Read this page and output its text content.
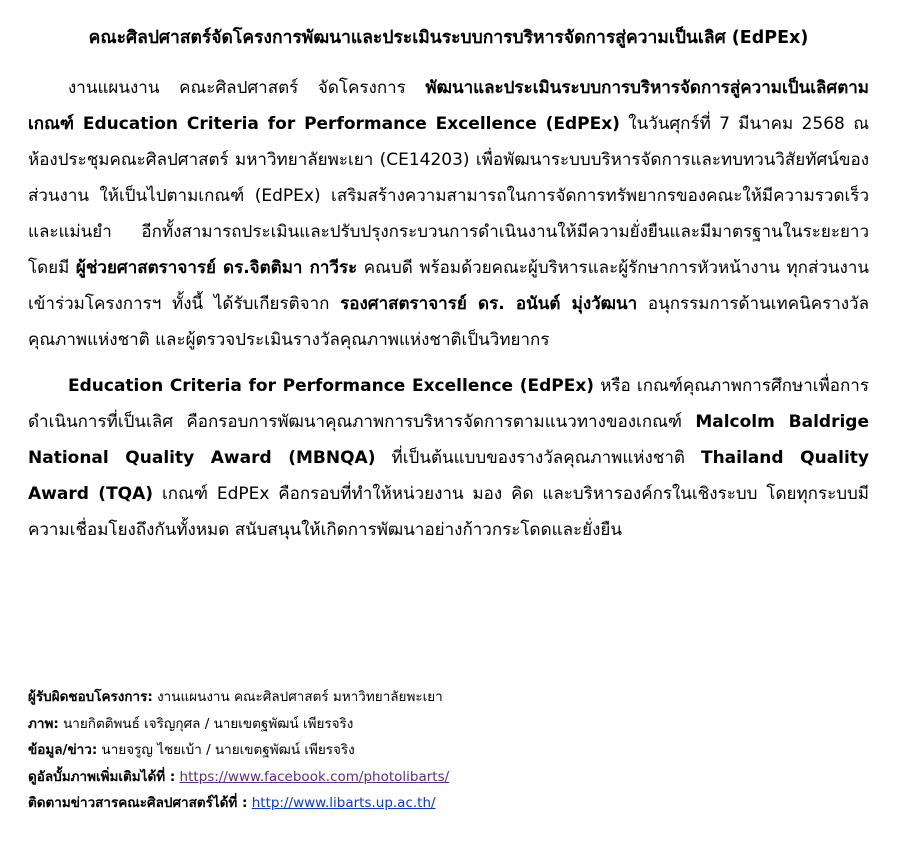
คณะศิลปศาสตร์จัดโครงการพัฒนาและประเมินระบบการบริหารจัดการสู่ความเป็นเลิศ (EdPEx)

งานแผนงาน คณะศิลปศาสตร์ จัดโครงการ พัฒนาและประเมินระบบการบริหารจัดการสู่ความเป็นเลิศตามเกณฑ์ Education Criteria for Performance Excellence (EdPEx) ในวันศุกร์ที่ 7 มีนาคม 2568 ณ ห้องประชุมคณะศิลปศาสตร์ มหาวิทยาลัยพะเยา (CE14203) เพื่อพัฒนาระบบบริหารจัดการและทบทวนวิสัยทัศน์ของส่วนงาน ให้เป็นไปตามเกณฑ์ (EdPEx) เสริมสร้างความสามารถในการจัดการทรัพยากรของคณะให้มีความรวดเร็วและแม่นยำ อีกทั้งสามารถประเมินและปรับปรุงกระบวนการดำเนินงานให้มีความยั่งยืนและมีมาตรฐานในระยะยาว โดยมี ผู้ช่วยศาสตราจารย์ ดร.จิตติมา กาวีระ คณบดี พร้อมด้วยคณะผู้บริหารและผู้รักษาการหัวหน้างาน ทุกส่วนงาน เข้าร่วมโครงการฯ ทั้งนี้ ได้รับเกียรติจาก รองศาสตราจารย์ ดร. อนันต์ มุ่งวัฒนา อนุกรรมการด้านเทคนิครางวัลคุณภาพแห่งชาติ และผู้ตรวจประเมินรางวัลคุณภาพแห่งชาติเป็นวิทยากร

Education Criteria for Performance Excellence (EdPEx) หรือ เกณฑ์คุณภาพการศึกษาเพื่อการดำเนินการที่เป็นเลิศ คือกรอบการพัฒนาคุณภาพการบริหารจัดการตามแนวทางของเกณฑ์ Malcolm Baldrige National Quality Award (MBNQA) ที่เป็นต้นแบบของรางวัลคุณภาพแห่งชาติ Thailand Quality Award (TQA) เกณฑ์ EdPEx คือกรอบที่ทำให้หน่วยงาน มอง คิด และบริหารองค์กรในเชิงระบบ โดยทุกระบบมีความเชื่อมโยงถึงกันทั้งหมด สนับสนุนให้เกิดการพัฒนาอย่างก้าวกระโดดและยั่งยืน

ผู้รับผิดชอบโครงการ: งานแผนงาน คณะศิลปศาสตร์ มหาวิทยาลัยพะเยา
ภาพ: นายกิตติพนธ์ เจริญกุศล / นายเขตฐพัฒน์ เพียรจริง
ข้อมูล/ข่าว: นายจรูญ ไชยเบ้า / นายเขตฐพัฒน์ เพียรจริง
ดูอัลบั้มภาพเพิ่มเติมได้ที่ : https://www.facebook.com/photolibarts/
ติดตามข่าวสารคณะศิลปศาสตร์ได้ที่ : http://www.libarts.up.ac.th/
